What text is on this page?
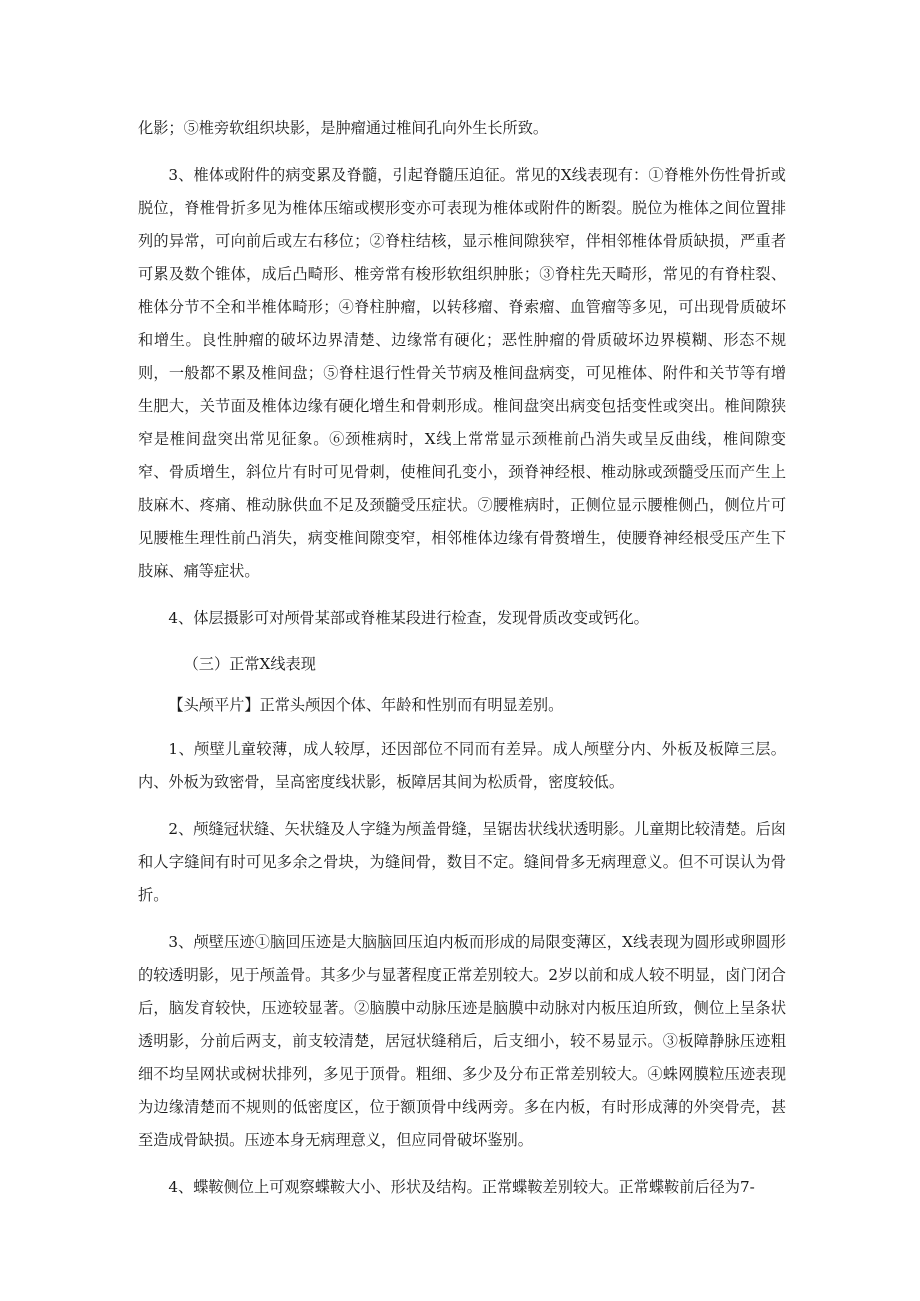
化影；⑤椎旁软组织块影，是肿瘤通过椎间孔向外生长所致。

3、椎体或附件的病变累及脊髓，引起脊髓压迫征。常见的X线表现有：①脊椎外伤性骨折或脱位，脊椎骨折多见为椎体压缩或楔形变亦可表现为椎体或附件的断裂。脱位为椎体之间位置排列的异常，可向前后或左右移位；②脊柱结核，显示椎间隙狭窄，伴相邻椎体骨质缺损，严重者可累及数个锥体，成后凸畸形、椎旁常有梭形软组织肿胀；③脊柱先天畸形，常见的有脊柱裂、椎体分节不全和半椎体畸形；④脊柱肿瘤，以转移瘤、脊索瘤、血管瘤等多见，可出现骨质破坏和增生。良性肿瘤的破坏边界清楚、边缘常有硬化；恶性肿瘤的骨质破坏边界模糊、形态不规则，一般都不累及椎间盘；⑤脊柱退行性骨关节病及椎间盘病变，可见椎体、附件和关节等有增生肥大，关节面及椎体边缘有硬化增生和骨刺形成。椎间盘突出病变包括变性或突出。椎间隙狭窄是椎间盘突出常见征象。⑥颈椎病时，X线上常常显示颈椎前凸消失或呈反曲线，椎间隙变窄、骨质增生，斜位片有时可见骨刺，使椎间孔变小，颈脊神经根、椎动脉或颈髓受压而产生上肢麻木、疼痛、椎动脉供血不足及颈髓受压症状。⑦腰椎病时，正侧位显示腰椎侧凸，侧位片可见腰椎生理性前凸消失，病变椎间隙变窄，相邻椎体边缘有骨赘增生，使腰脊神经根受压产生下肢麻、痛等症状。

4、体层摄影可对颅骨某部或脊椎某段进行检查，发现骨质改变或钙化。

（三）正常X线表现

【头颅平片】正常头颅因个体、年龄和性别而有明显差别。

1、颅壁儿童较薄，成人较厚，还因部位不同而有差异。成人颅壁分内、外板及板障三层。内、外板为致密骨，呈高密度线状影，板障居其间为松质骨，密度较低。

2、颅缝冠状缝、矢状缝及人字缝为颅盖骨缝，呈锯齿状线状透明影。儿童期比较清楚。后囱和人字缝间有时可见多余之骨块，为缝间骨，数目不定。缝间骨多无病理意义。但不可误认为骨折。

3、颅壁压迹①脑回压迹是大脑脑回压迫内板而形成的局限变薄区，X线表现为圆形或卵圆形的较透明影，见于颅盖骨。其多少与显著程度正常差别较大。2岁以前和成人较不明显，卤门闭合后，脑发育较快，压迹较显著。②脑膜中动脉压迹是脑膜中动脉对内板压迫所致，侧位上呈条状透明影，分前后两支，前支较清楚，居冠状缝稍后，后支细小，较不易显示。③板障静脉压迹粗细不均呈网状或树状排列，多见于顶骨。粗细、多少及分布正常差别较大。④蛛网膜粒压迹表现为边缘清楚而不规则的低密度区，位于额顶骨中线两旁。多在内板，有时形成薄的外突骨壳，甚至造成骨缺损。压迹本身无病理意义，但应同骨破坏鉴别。

4、蝶鞍侧位上可观察蝶鞍大小、形状及结构。正常蝶鞍差别较大。正常蝶鞍前后径为7-
